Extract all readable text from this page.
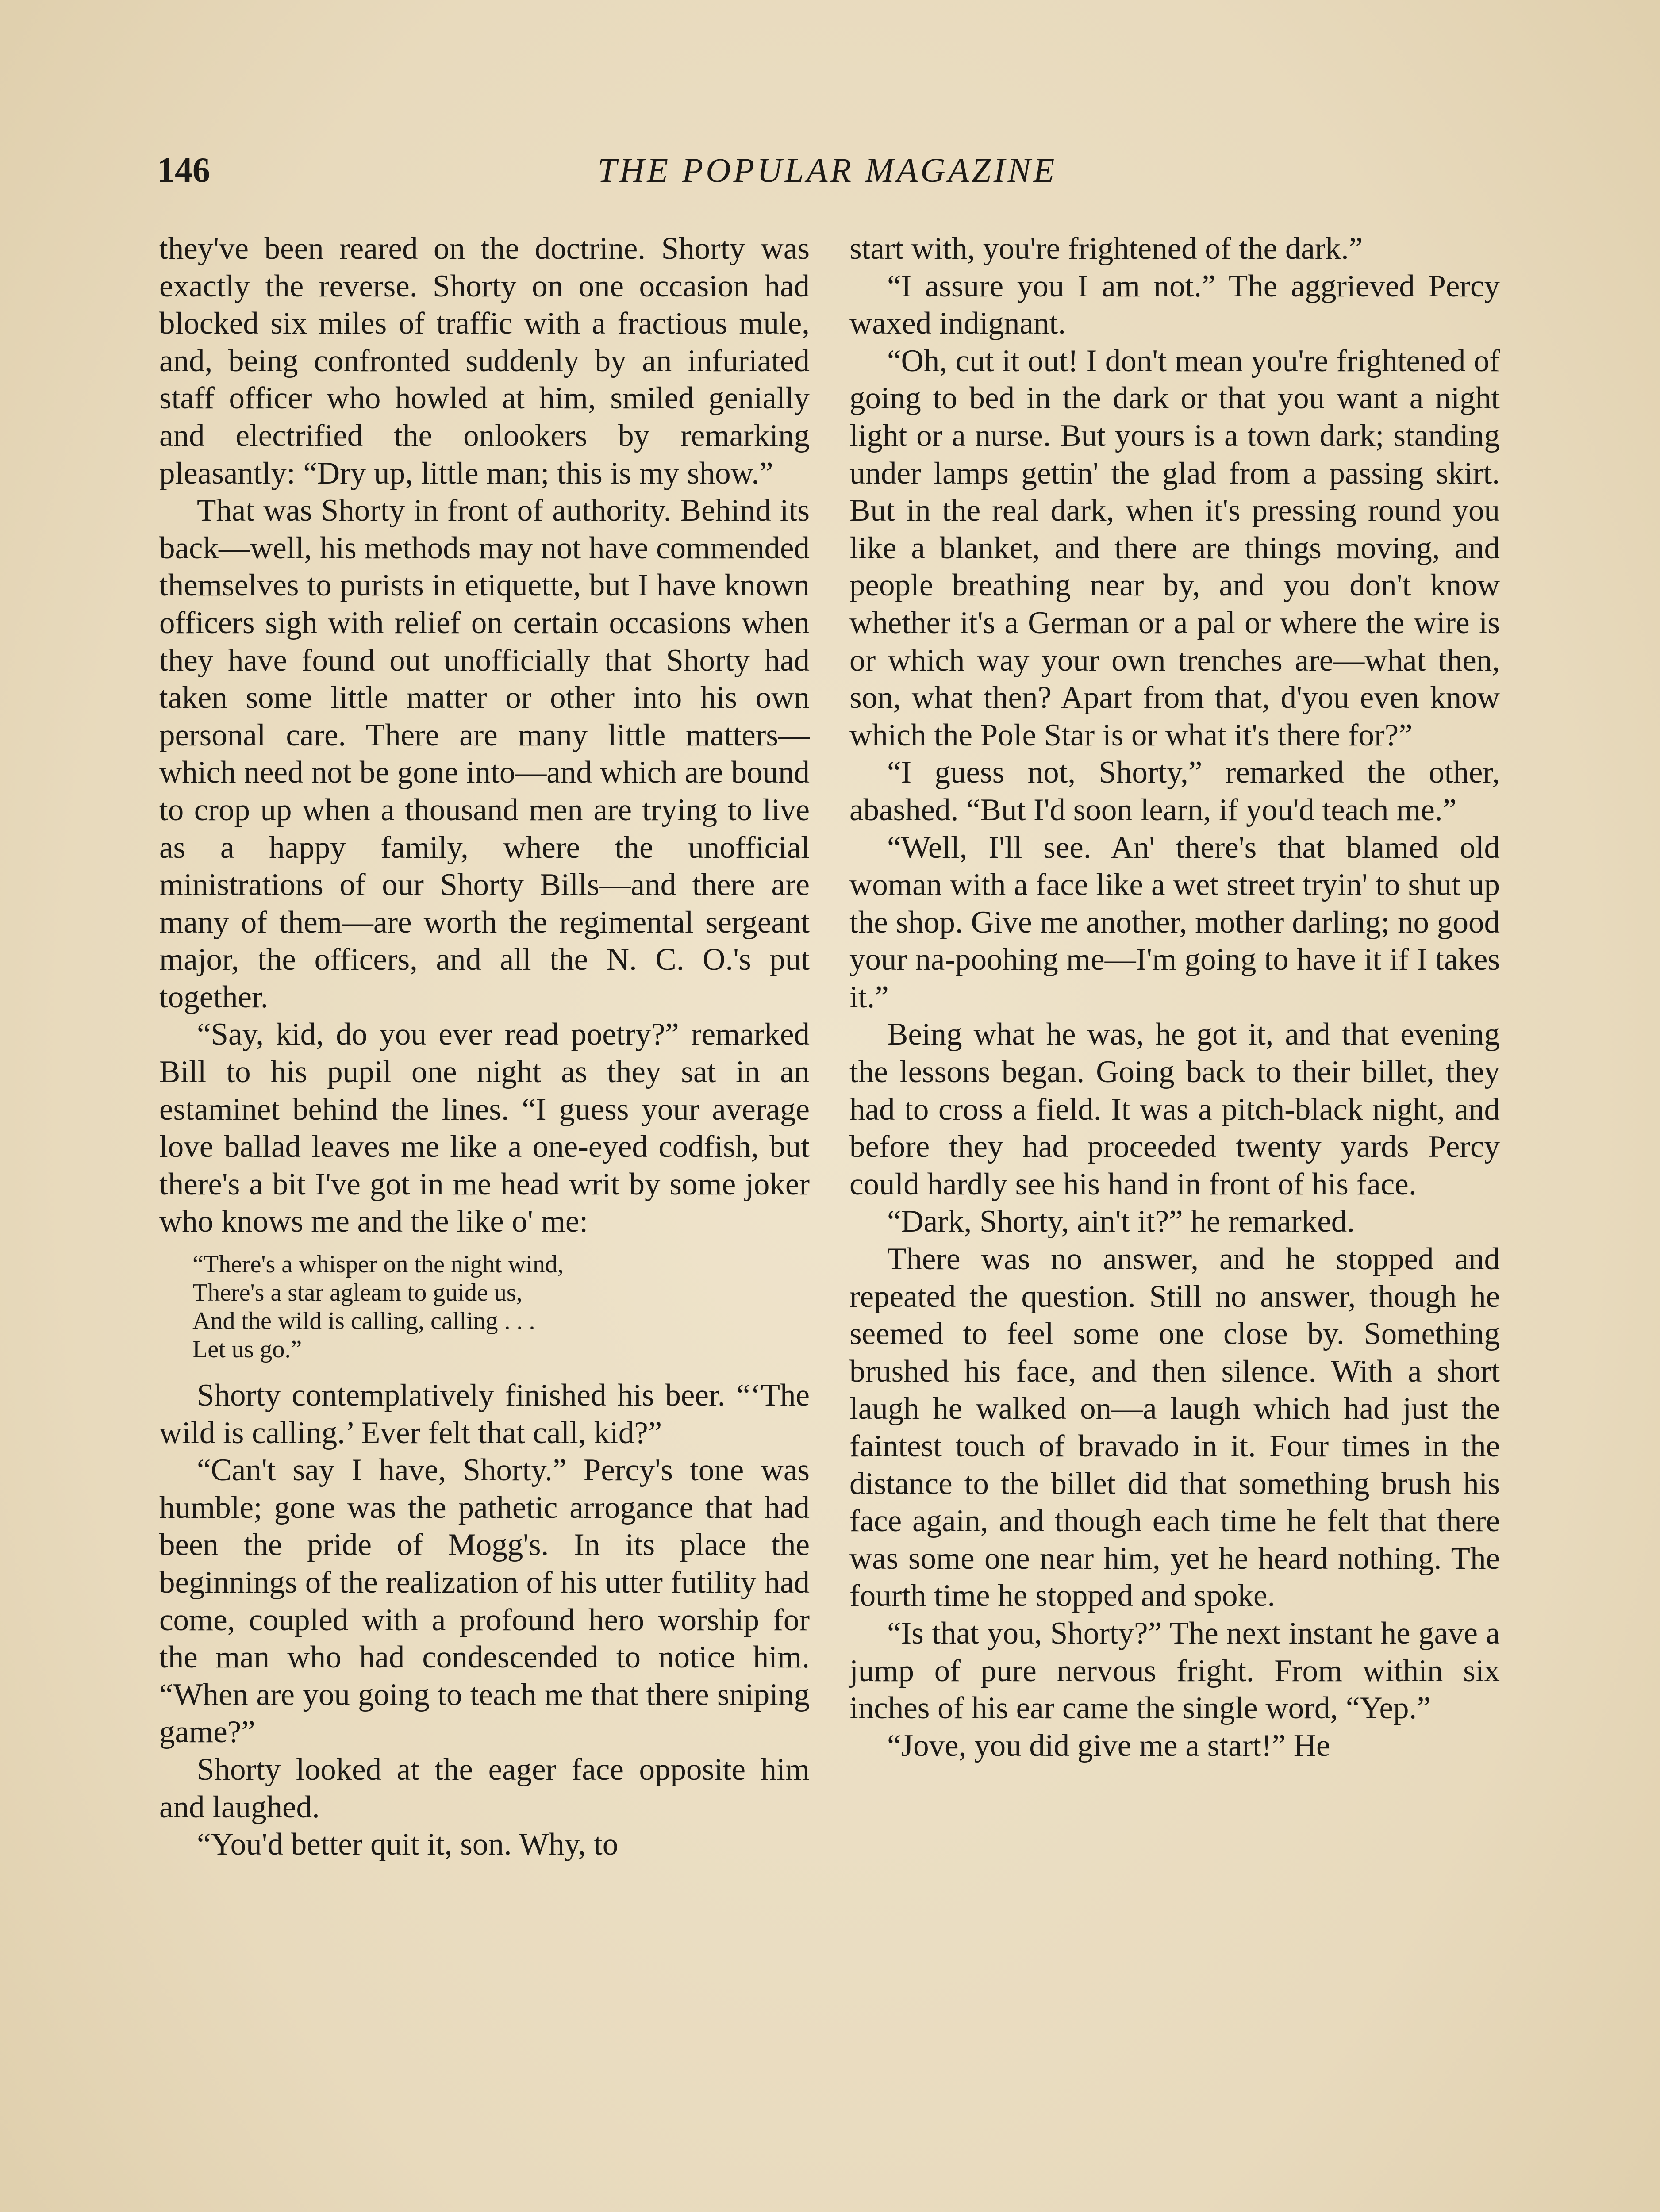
146	THE POPULAR MAGAZINE

they've been reared on the doctrine. Shorty was exactly the reverse. Shorty on one occasion had blocked six miles of traffic with a fractious mule, and, being confronted suddenly by an infuriated staff officer who howled at him, smiled genially and electrified the onlookers by remarking pleasantly: “Dry up, little man; this is my show.”

That was Shorty in front of authority. Behind its back—well, his methods may not have commended themselves to purists in etiquette, but I have known officers sigh with relief on certain occasions when they have found out unofficially that Shorty had taken some little matter or other into his own personal care. There are many little matters—which need not be gone into—and which are bound to crop up when a thousand men are trying to live as a happy family, where the unofficial ministrations of our Shorty Bills—and there are many of them—are worth the regimental sergeant major, the officers, and all the N. C. O.'s put together.

“Say, kid, do you ever read poetry?” remarked Bill to his pupil one night as they sat in an estaminet behind the lines. “I guess your average love ballad leaves me like a one-eyed codfish, but there's a bit I've got in me head writ by some joker who knows me and the like o' me:

“There's a whisper on the night wind,
There's a star agleam to guide us,
And the wild is calling, calling . . .
Let us go.”

Shorty contemplatively finished his beer. “‘The wild is calling.’ Ever felt that call, kid?”

“Can't say I have, Shorty.” Percy's tone was humble; gone was the pathetic arrogance that had been the pride of Mogg's. In its place the beginnings of the realization of his utter futility had come, coupled with a profound hero worship for the man who had condescended to notice him. “When are you going to teach me that there sniping game?”

Shorty looked at the eager face opposite him and laughed.

“You'd better quit it, son. Why, to

start with, you're frightened of the dark.”

“I assure you I am not.” The aggrieved Percy waxed indignant.

“Oh, cut it out! I don't mean you're frightened of going to bed in the dark or that you want a night light or a nurse. But yours is a town dark; standing under lamps gettin' the glad from a passing skirt. But in the real dark, when it's pressing round you like a blanket, and there are things moving, and people breathing near by, and you don't know whether it's a German or a pal or where the wire is or which way your own trenches are—what then, son, what then? Apart from that, d'you even know which the Pole Star is or what it's there for?”

“I guess not, Shorty,” remarked the other, abashed. “But I'd soon learn, if you'd teach me.”

“Well, I'll see. An' there's that blamed old woman with a face like a wet street tryin' to shut up the shop. Give me another, mother darling; no good your na-poohing me—I'm going to have it if I takes it.”

Being what he was, he got it, and that evening the lessons began. Going back to their billet, they had to cross a field. It was a pitch-black night, and before they had proceeded twenty yards Percy could hardly see his hand in front of his face.

“Dark, Shorty, ain't it?” he remarked.

There was no answer, and he stopped and repeated the question. Still no answer, though he seemed to feel some one close by. Something brushed his face, and then silence. With a short laugh he walked on—a laugh which had just the faintest touch of bravado in it. Four times in the distance to the billet did that something brush his face again, and though each time he felt that there was some one near him, yet he heard nothing. The fourth time he stopped and spoke.

“Is that you, Shorty?” The next instant he gave a jump of pure nervous fright. From within six inches of his ear came the single word, “Yep.”

“Jove, you did give me a start!” He
